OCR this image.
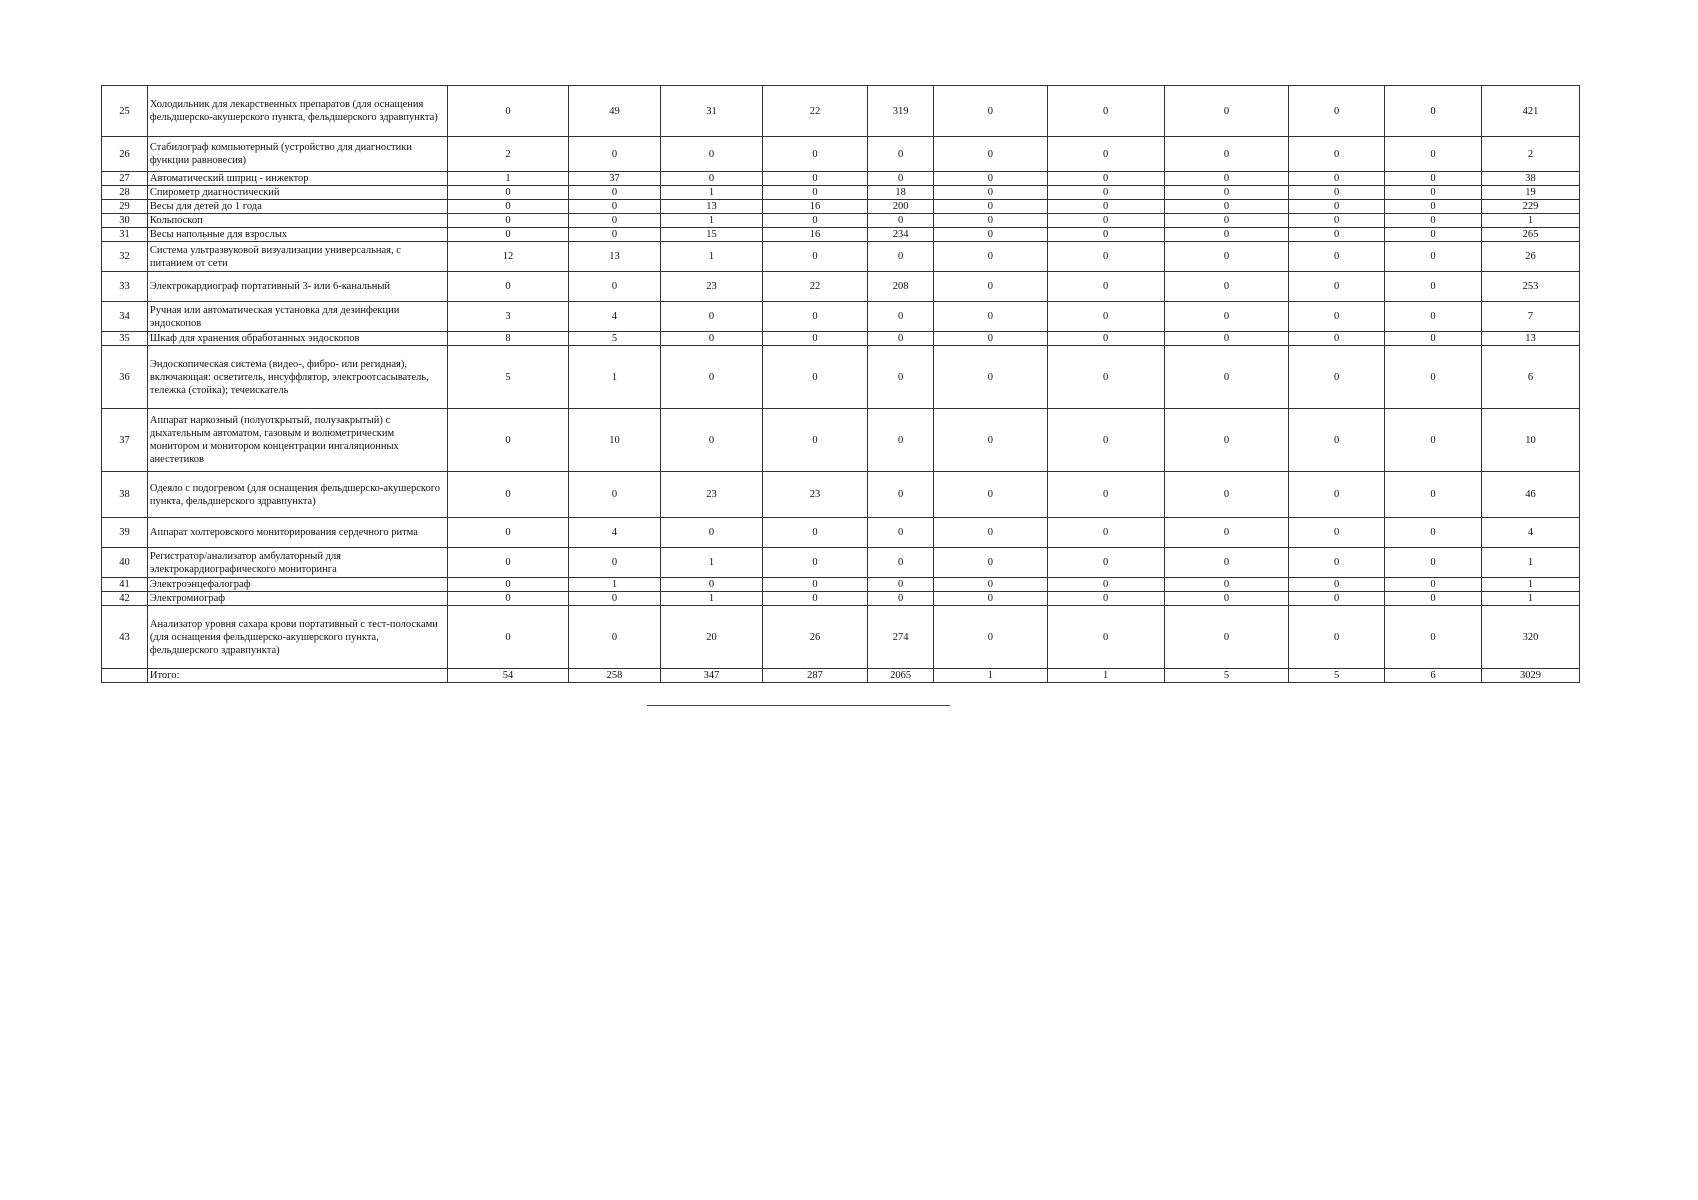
25	Холодильник для лекарственных препаратов (для оснащения фельдшерско-акушерского пункта, фельдшерского здравпункта)	0	49	31	22	319	0	0	0	0	0	421
26	Стабилограф компьютерный (устройство для диагностики функции равновесия)	2	0	0	0	0	0	0	0	0	0	2
27	Автоматический шприц - инжектор	1	37	0	0	0	0	0	0	0	0	38
28	Спирометр диагностический	0	0	1	0	18	0	0	0	0	0	19
29	Весы для детей до 1 года	0	0	13	16	200	0	0	0	0	0	229
30	Кольпоскоп	0	0	1	0	0	0	0	0	0	0	1
31	Весы напольные для взрослых	0	0	15	16	234	0	0	0	0	0	265
32	Система ультразвуковой визуализации универсальная, с питанием от сети	12	13	1	0	0	0	0	0	0	0	26
33	Электрокардиограф портативный 3- или 6-канальный	0	0	23	22	208	0	0	0	0	0	253
34	Ручная или автоматическая установка для дезинфекции эндоскопов	3	4	0	0	0	0	0	0	0	0	7
35	Шкаф для хранения обработанных эндоскопов	8	5	0	0	0	0	0	0	0	0	13
36	Эндоскопическая система (видео-, фибро- или регидная), включающая: осветитель, инсуффлятор, электроотсасыватель, тележка (стойка); течеискатель	5	1	0	0	0	0	0	0	0	0	6
37	Аппарат наркозный (полуоткрытый, полузакрытый) с дыхательным автоматом, газовым и волюметрическим монитором и монитором концентрации ингаляционных анестетиков	0	10	0	0	0	0	0	0	0	0	10
38	Одеяло с подогревом (для оснащения фельдшерско-акушерского пункта, фельдшерского здравпункта)	0	0	23	23	0	0	0	0	0	0	46
39	Аппарат холтеровского мониторирования сердечного ритма	0	4	0	0	0	0	0	0	0	0	4
40	Регистратор/анализатор амбулаторный для электрокардиографического мониторинга	0	0	1	0	0	0	0	0	0	0	1
41	Электроэнцефалограф	0	1	0	0	0	0	0	0	0	0	1
42	Электромиограф	0	0	1	0	0	0	0	0	0	0	1
43	Анализатор уровня сахара крови портативный с тест-полосками (для оснащения фельдшерско-акушерского пункта, фельдшерского здравпункта)	0	0	20	26	274	0	0	0	0	0	320
	Итого:	54	258	347	287	2065	1	1	5	5	6	3029
